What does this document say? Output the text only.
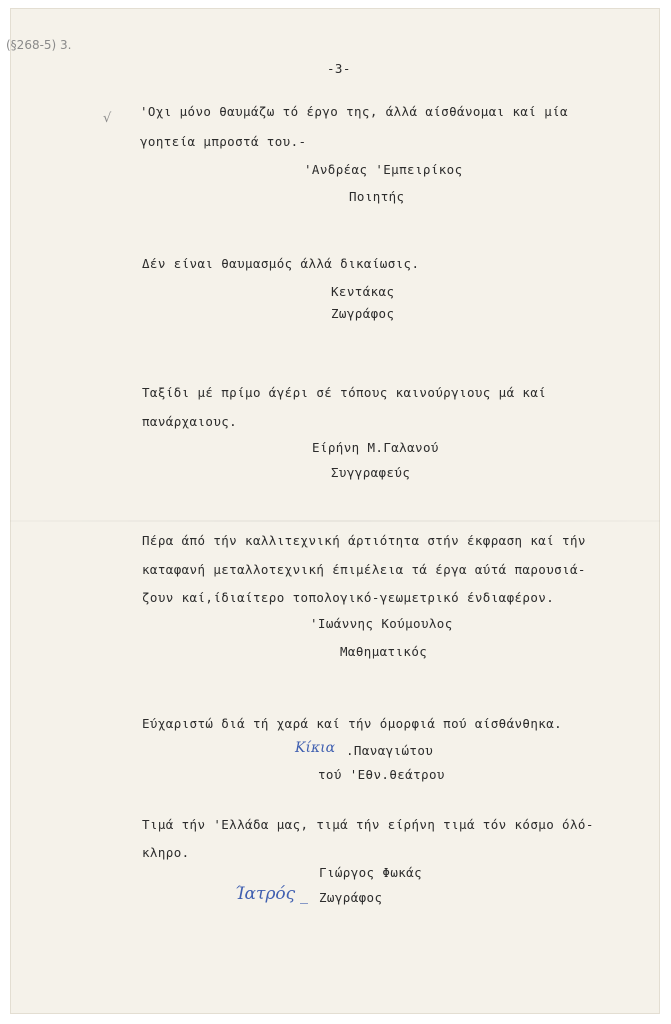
(§268-5) 3.
-3-
√ 'Οχι μόνο θαυμάζω τό έργο της, άλλά αίσθάνομαι καί μία
γοητεία μπροστά του.-
'Ανδρέας 'Εμπειρίκος
Ποιητής
Δέν είναι θαυμασμός άλλά δικαίωσις.
Κεντάκας
Ζωγράφος
Ταξίδι μέ πρίμο άγέρι σέ τόπους καινούργιους μά καί
πανάρχαιους.
Είρήνη Μ.Γαλανού
Συγγραφεύς
Πέρα άπό τήν καλλιτεχνική άρτιότητα στήν έκφραση καί τήν
καταφανή μεταλλοτεχνική έπιμέλεια τά έργα αύτά παρουσιά-
ζουν καί,ίδιαίτερο τοπολογικό-γεωμετρικό ένδιαφέρον.
'Ιωάννης Κούμουλος
Μαθηματικός
Εύχαριστώ διά τή χαρά καί τήν όμορφιά πού αίσθάνθηκα.
Κίκια .Παναγιώτου
τού 'Εθν.θεάτρου
Τιμά τήν 'Ελλάδα μας, τιμά τήν είρήνη τιμά τόν κόσμο όλό-
κληρο.
Γιώργος Φωκάς
Ίατρός _ Ζωγράφος
